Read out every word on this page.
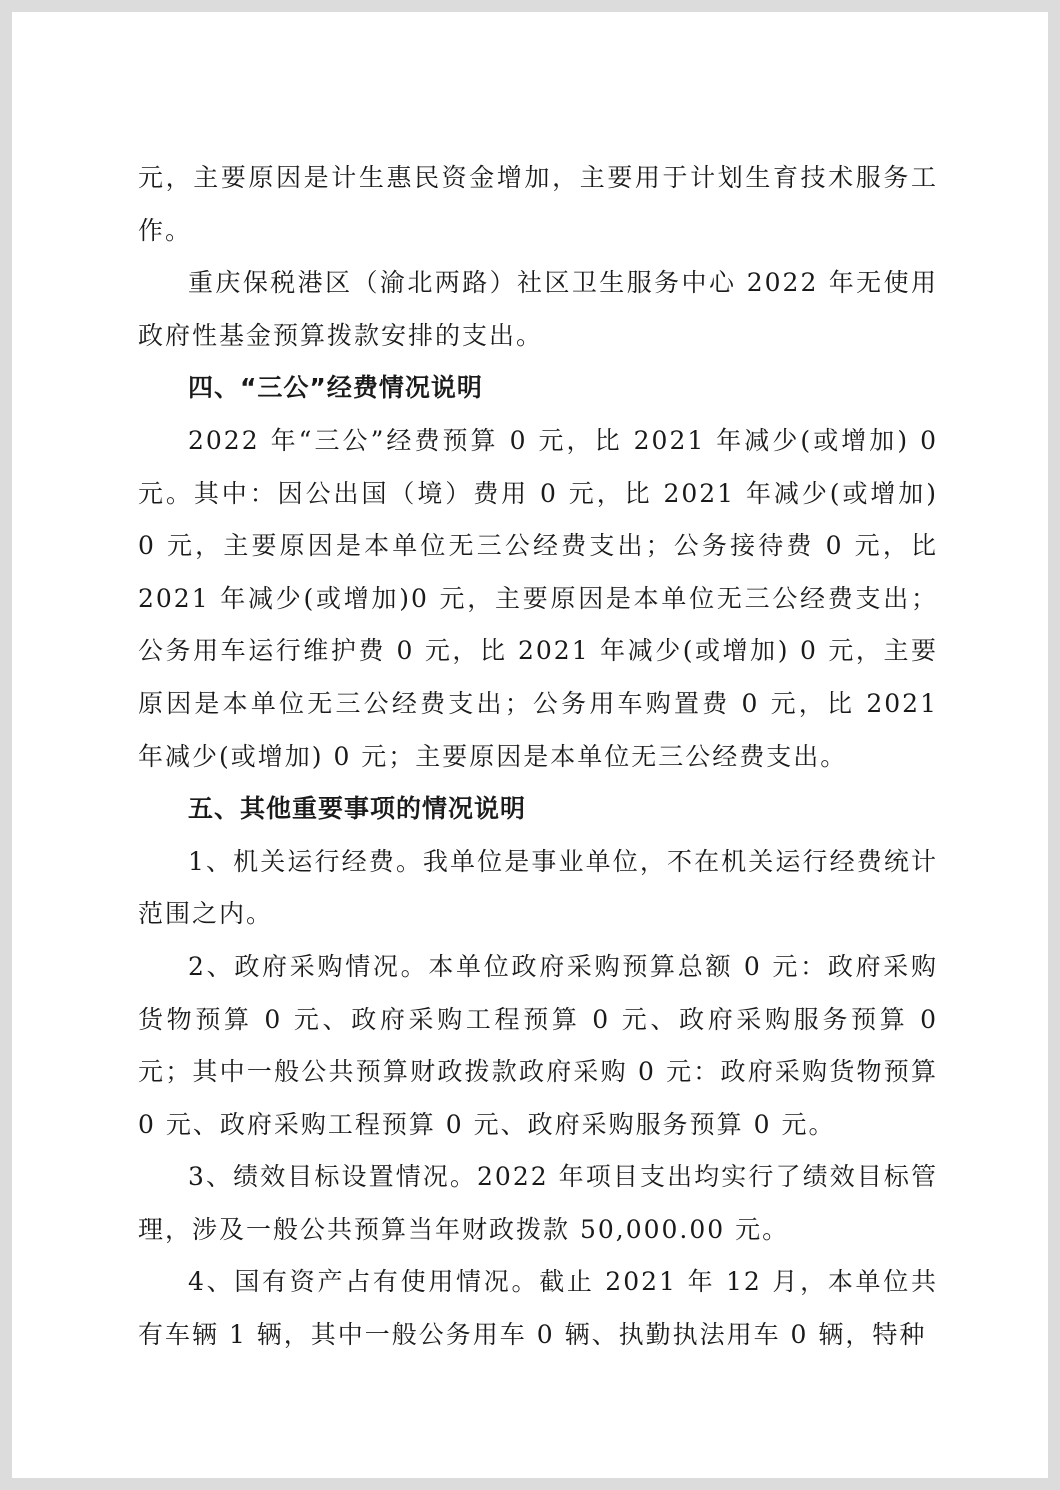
元，主要原因是计生惠民资金增加，主要用于计划生育技术服务工作。

重庆保税港区（渝北两路）社区卫生服务中心 2022 年无使用政府性基金预算拨款安排的支出。

四、“三公”经费情况说明

2022 年“三公”经费预算 0 元，比 2021 年减少(或增加) 0 元。其中：因公出国（境）费用 0 元，比 2021 年减少(或增加) 0 元，主要原因是本单位无三公经费支出；公务接待费 0 元，比 2021 年减少(或增加)0 元，主要原因是本单位无三公经费支出；公务用车运行维护费 0 元，比 2021 年减少(或增加) 0 元，主要原因是本单位无三公经费支出；公务用车购置费 0 元，比 2021 年减少(或增加) 0 元；主要原因是本单位无三公经费支出。

五、其他重要事项的情况说明

1、机关运行经费。我单位是事业单位，不在机关运行经费统计范围之内。

2、政府采购情况。本单位政府采购预算总额 0 元：政府采购货物预算 0 元、政府采购工程预算 0 元、政府采购服务预算 0 元；其中一般公共预算财政拨款政府采购 0 元：政府采购货物预算 0 元、政府采购工程预算 0 元、政府采购服务预算 0 元。

3、绩效目标设置情况。2022 年项目支出均实行了绩效目标管理，涉及一般公共预算当年财政拨款 50,000.00 元。

4、国有资产占有使用情况。截止 2021 年 12 月，本单位共有车辆 1 辆，其中一般公务用车 0 辆、执勤执法用车 0 辆，特种
